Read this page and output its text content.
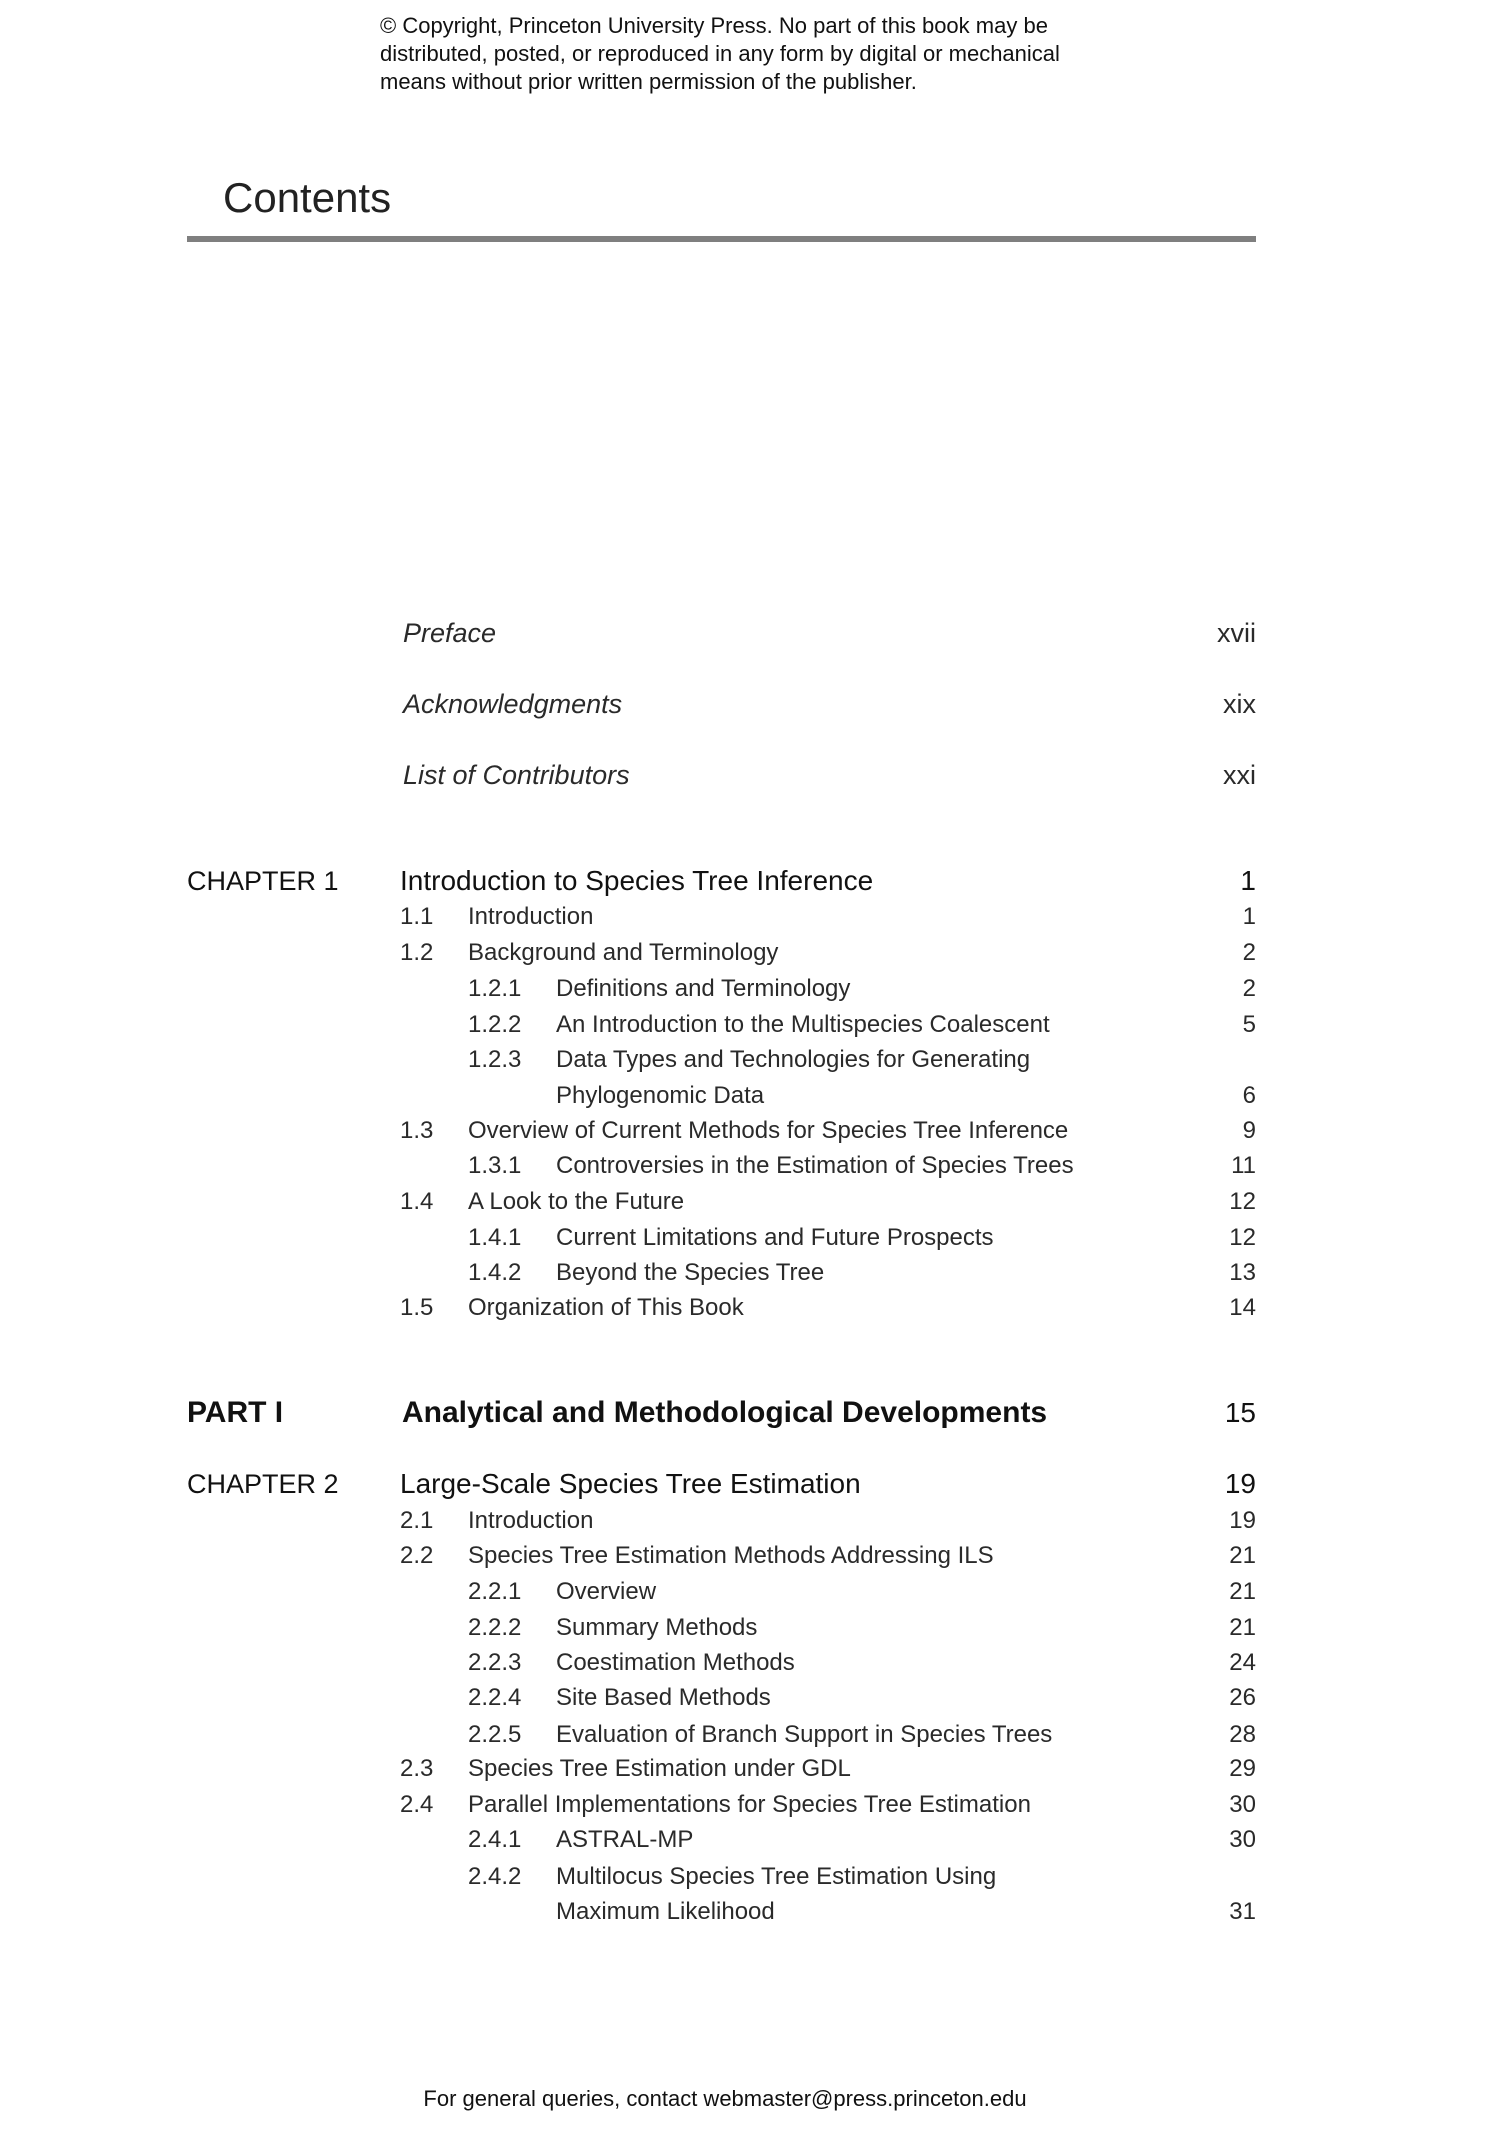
© Copyright, Princeton University Press. No part of this book may be
distributed, posted, or reproduced in any form by digital or mechanical
means without prior written permission of the publisher.
Contents
Preface	xvii
Acknowledgments	xix
List of Contributors	xxi
CHAPTER 1 Introduction to Species Tree Inference	1
1.1 Introduction	1
1.2 Background and Terminology	2
1.2.1 Definitions and Terminology	2
1.2.2 An Introduction to the Multispecies Coalescent	5
1.2.3 Data Types and Technologies for Generating
Phylogenomic Data	6
1.3 Overview of Current Methods for Species Tree Inference	9
1.3.1 Controversies in the Estimation of Species Trees	11
1.4 A Look to the Future	12
1.4.1 Current Limitations and Future Prospects	12
1.4.2 Beyond the Species Tree	13
1.5 Organization of This Book	14
PART I	Analytical and Methodological Developments	15
CHAPTER 2 Large-Scale Species Tree Estimation	19
2.1 Introduction	19
2.2 Species Tree Estimation Methods Addressing ILS	21
2.2.1 Overview	21
2.2.2 Summary Methods	21
2.2.3 Coestimation Methods	24
2.2.4 Site Based Methods	26
2.2.5 Evaluation of Branch Support in Species Trees	28
2.3 Species Tree Estimation under GDL	29
2.4 Parallel Implementations for Species Tree Estimation	30
2.4.1 ASTRAL-MP	30
2.4.2 Multilocus Species Tree Estimation Using
Maximum Likelihood	31
For general queries, contact webmaster@press.princeton.edu
